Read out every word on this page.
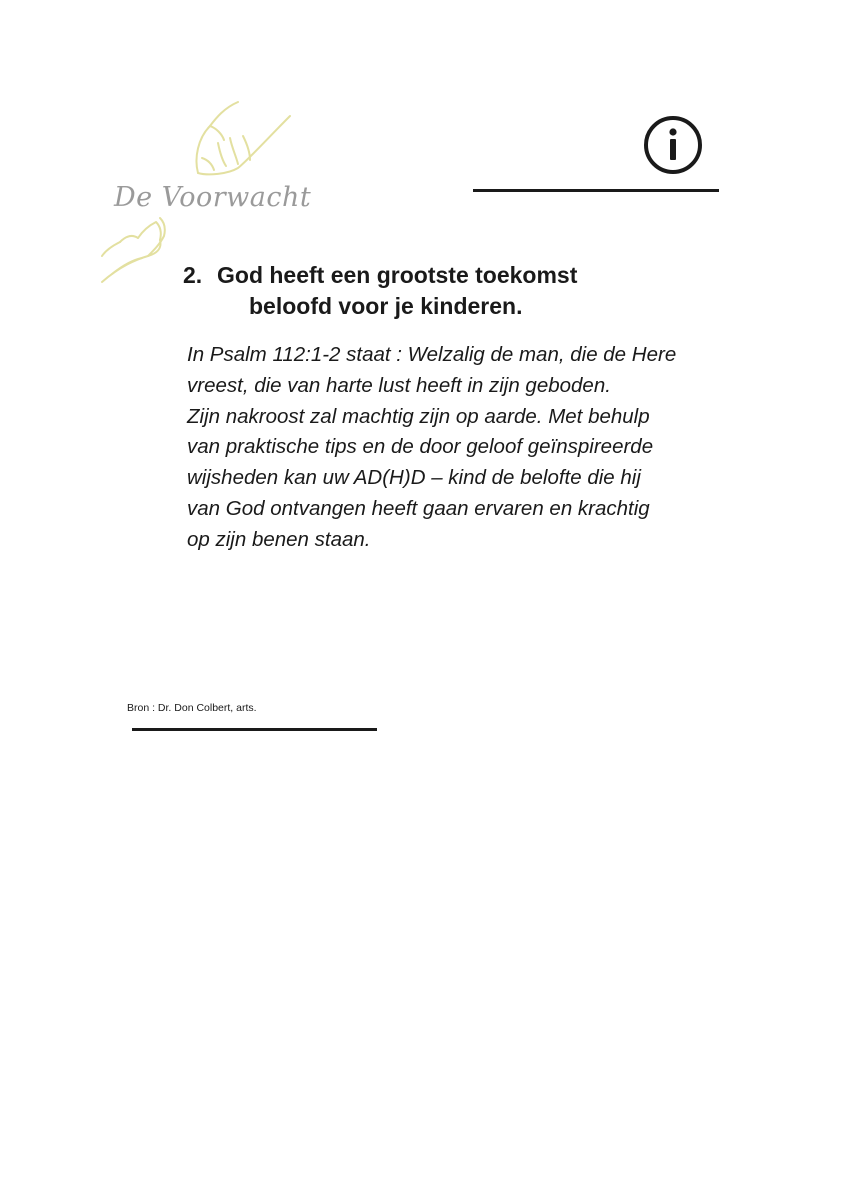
De Voorwacht
2. God heeft een grootste toekomst
beloofd voor je kinderen.
In Psalm 112:1-2 staat : Welzalig de man, die de Here
vreest, die van harte lust heeft in zijn geboden.
Zijn nakroost zal machtig zijn op aarde. Met behulp
van praktische tips en de door geloof geïnspireerde
wijsheden kan uw AD(H)D – kind de belofte die hij
van God ontvangen heeft gaan ervaren en krachtig
op zijn benen staan.
Bron : Dr. Don Colbert, arts.
